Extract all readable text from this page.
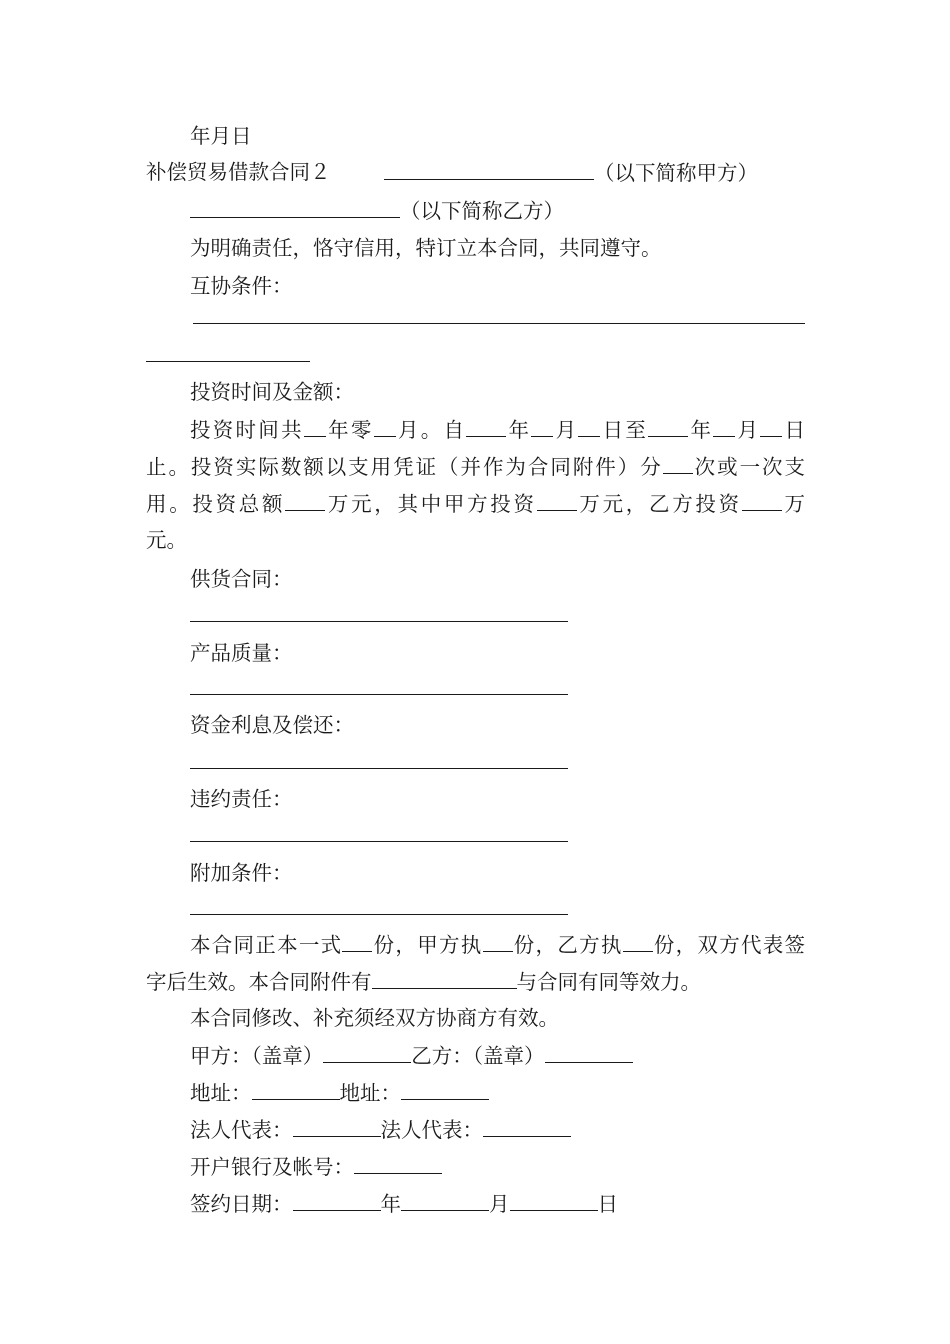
年月日
补偿贸易借款合同２	（以下简称甲方）
（以下简称乙方）
为明确责任，恪守信用，特订立本合同，共同遵守。
互协条件：
投资时间及金额：
投资时间共 年零 月。自 年 月 日至 年 月 日
止。投资实际数额以支用凭证（并作为合同附件）分 次或一次支
用。投资总额 万元，其中甲方投资 万元，乙方投资 万
元。
供货合同：
产品质量：
资金利息及偿还：
违约责任：
附加条件：
本合同正本一式 份，甲方执 份，乙方执 份，双方代表签
字后生效。本合同附件有	与合同有同等效力。
本合同修改、补充须经双方协商方有效。
甲方：（盖章）	乙方：（盖章）
地址：	地址：
法人代表：	法人代表：
开户银行及帐号：
签约日期：	年	月	日
